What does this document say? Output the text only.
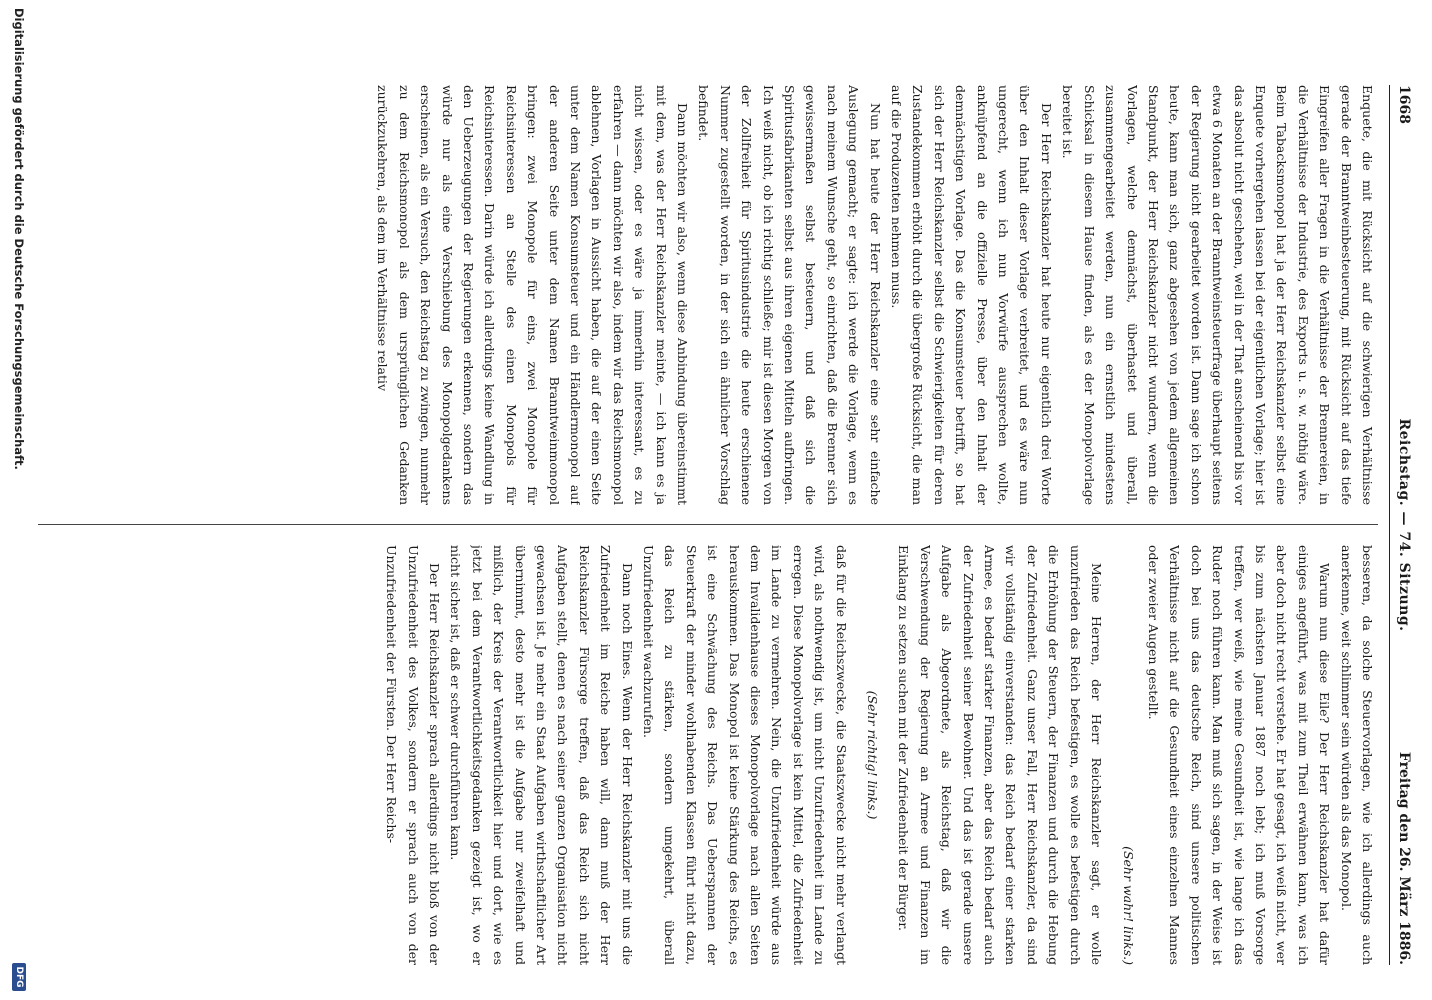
1668
Reichstag. — 74. Sitzung.
Freitag den 26. März 1886.

Enquete, die mit Rücksicht auf die schwierigen Verhältnisse gerade der Branntweinbesteuerung, mit Rücksicht auf das tiefe Eingreifen aller Fragen in die Verhältnisse der Brennereien, in die Verhältnisse der Industrie, des Exports u. s. w. nöthig wäre. Beim Tabacksmonopol hat ja der Herr Reichskanzler selbst eine Enquete vorhergehen lassen bei der eigentlichen Vorlage; hier ist das absolut nicht geschehen, weil in der That anscheinend bis vor etwa 6 Monaten an der Branntweinsteuerfrage überhaupt seitens der Regierung nicht gearbeitet worden ist. Dann sage ich schon heute, kann man sich, ganz abgesehen von jedem allgemeinen Standpunkt, der Herr Reichskanzler nicht wundern, wenn die Vorlagen, welche demnächst, überhastet und überall, zusammengearbeitet werden, nun ein ernstlich mindestens Schicksal in diesem Hause finden, als es der Monopolvorlage bereitet ist.

Der Herr Reichskanzler hat heute nur eigentlich drei Worte über den Inhalt dieser Vorlage verbreitet, und es wäre nun ungerecht, wenn ich nun Vorwürfe aussprechen wollte, anknüpfend an die offizielle Presse, über den Inhalt der demnächstigen Vorlage. Das die Konsumsteuer betrifft, so hat sich der Herr Reichskanzler selbst die Schwierigkeiten für deren Zustandekommen erhöht durch die übergroße Rücksicht, die man auf die Produzenten nehmen muss.

Nun hat heute der Herr Reichskanzler eine sehr einfache Auslegung gemacht; er sagte: ich werde die Vorlage, wenn es nach meinem Wunsche geht, so einrichten, daß die Brenner sich gewissermaßen selbst besteuern, und daß sich die Spiritusfabrikanten selbst aus ihren eigenen Mitteln aufbringen. Ich weiß nicht, ob ich richtig schließe; mir ist diesen Morgen von der Zollfreiheit für Spiritusindustrie die heute erschienene Nummer zugestellt worden, in der sich ein ähnlicher Vorschlag befindet.

Dann möchten wir also, wenn diese Anbindung übereinstimmt mit dem, was der Herr Reichskanzler meinte, — ich kann es ja nicht wissen, oder es wäre ja immerhin interessant, es zu erfahren — dann möchten wir also, indem wir das Reichsmonopol ablehnen, Vorlagen in Aussicht haben, die auf der einen Seite unter dem Namen Konsumsteuer und ein Händlermonopol auf der anderen Seite unter dem Namen Branntweinmonopol bringen: zwei Monopole für eins, zwei Monopole für Reichsinteressen an Stelle des einen Monopols für Reichsinteressen. Darin würde ich allerdings keine Wandlung in den Ueberzeugungen der Regierungen erkennen, sondern das würde nur als eine Verschiebung des Monopolgedankens erscheinen, als ein Versuch, den Reichstag zu zwingen, nunmehr zu dem Reichsmonopol als dem ursprünglichen Gedanken zurückzukehren, als dem im Verhältnisse relativ

besseren, da solche Steuervorlagen, wie ich allerdings auch anerkenne, weit schlimmer sein würden als das Monopol.

Warum nun diese Eile? Der Herr Reichskanzler hat dafür einiges angeführt, was mit zum Theil erwähnen kann, was ich aber doch nicht recht verstehe. Er hat gesagt, ich weiß nicht, wer bis zum nächsten Januar 1887 noch lebt; ich muß Vorsorge treffen, wer weiß, wie meine Gesundheit ist, wie lange ich das Ruder noch führen kann. Man muß sich sagen, in der Weise ist doch bei uns das deutsche Reich, sind unsere politischen Verhältnisse nicht auf die Gesundheit eines einzelnen Mannes oder zweier Augen gestellt.

(Sehr wahr! links.)

Meine Herren, der Herr Reichskanzler sagt, er wolle unzufrieden das Reich befestigen, es wolle es befestigen durch die Erhöhung der Steuern, der Finanzen und durch die Hebung der Zufriedenheit. Ganz unser Fall, Herr Reichskanzler, da sind wir vollständig einverstanden: das Reich bedarf einer starken Armee, es bedarf starker Finanzen, aber das Reich bedarf auch der Zufriedenheit seiner Bewohner. Und das ist gerade unsere Aufgabe als Abgeordnete, als Reichstag, daß wir die Verschwendung der Regierung an Armee und Finanzen im Einklang zu setzen suchen mit der Zufriedenheit der Bürger.

(Sehr richtig! links.)

daß für die Reichszwecke, die Staatszwecke nicht mehr verlangt wird, als nothwendig ist, um nicht Unzufriedenheit im Lande zu erregen. Diese Monopolvorlage ist kein Mittel, die Zufriedenheit im Lande zu vermehren. Nein, die Unzufriedenheit würde aus dem Invalidenhause dieses Monopolvorlage nach allen Seiten herauskommen. Das Monopol ist keine Stärkung des Reichs, es ist eine Schwächung des Reichs. Das Ueberspannen der Steuerkraft der minder wohlhabenden Klassen führt nicht dazu, das Reich zu stärken, sondern umgekehrt, überall Unzufriedenheit wachzurufen.

Dann noch Eines. Wenn der Herr Reichskanzler mit uns die Zufriedenheit im Reiche haben will, dann muß der Herr Reichskanzler Fürsorge treffen, daß das Reich sich nicht Aufgaben stellt, denen es nach seiner ganzen Organisation nicht gewachsen ist. Je mehr ein Staat Aufgaben wirthschaftlicher Art übernimmt, desto mehr ist die Aufgabe nur zweifelhaft und mißlich, der Kreis der Verantwortlichkeit hier und dort, wie es jetzt bei dem Verantwortlichkeitsgedanken gezeigt ist, wo er nicht sicher ist, daß er schwer durchführen kann.

Der Herr Reichskanzler sprach allerdings nicht bloß von der Unzufriedenheit des Volkes, sondern er sprach auch von der Unzufriedenheit der Fürsten. Der Herr Reichs-

Digitalisierung gefördert durch die Deutsche Forschungsgemeinschaft.
DFG
